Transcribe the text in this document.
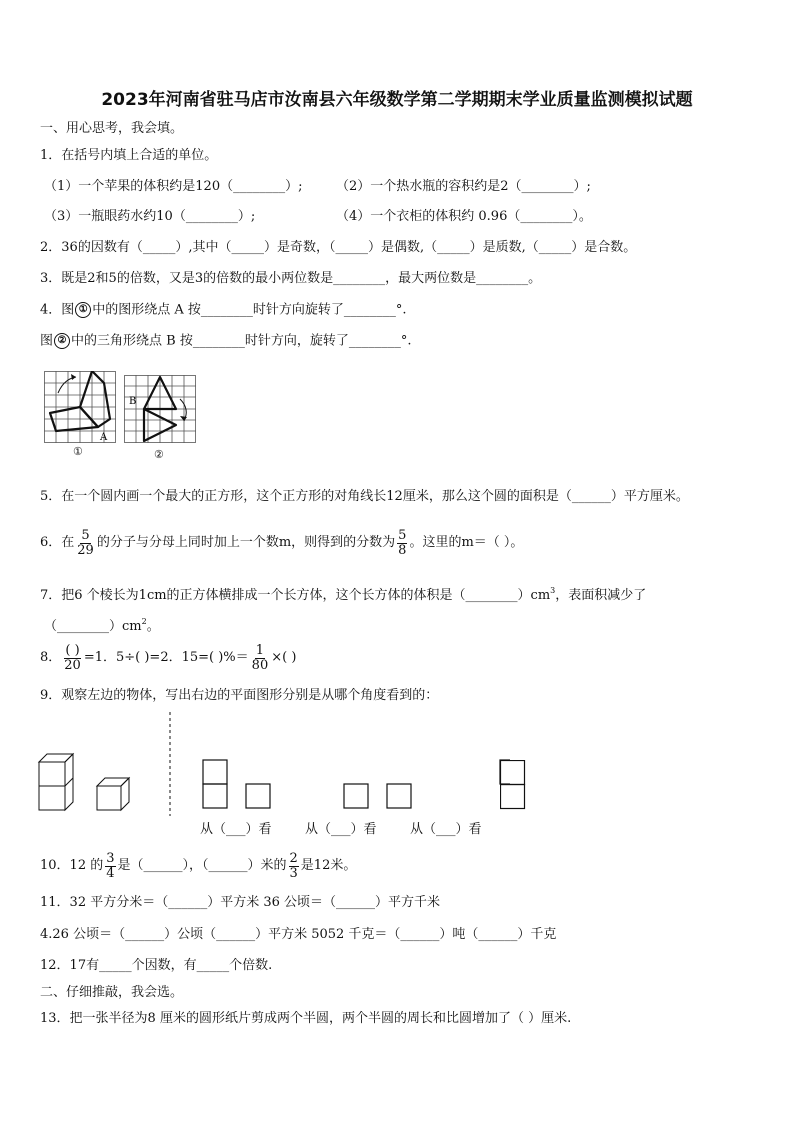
2023年河南省驻马店市汝南县六年级数学第二学期期末学业质量监测模拟试题
一、用心思考，我会填。
1．在括号内填上合适的单位。
（1）一个苹果的体积约是120（________）;	（2）一个热水瓶的容积约是2（________）;
（3）一瓶眼药水约10（________）;	（4）一个衣柜的体积约 0.96（________）。
2．36的因数有（_____）,其中（_____）是奇数，（_____）是偶数,（_____）是质数,（_____）是合数。
3．既是2和5的倍数，又是3的倍数的最小两位数是________，最大两位数是________。
4．图 ① 中的图形绕点 A 按________时针方向旋转了________°.
图 ② 中的三角形绕点 B 按________时针方向，旋转了________°.
A
①
B
②
5．在一个圆内画一个最大的正方形，这个正方形的对角线长12厘米，那么这个圆的面积是（______）平方厘米。
6．在 $\frac{5}{29}$ 的分子与分母上同时加上一个数m，则得到的分数为 $\frac{5}{8}$ 。这里的m＝（ ）。
7．把6 个棱长为1cm的正方体横排成一个长方体，这个长方体的体积是$(\_\_\_\_\_\_\_\_)cm^3$，表面积减少了
$(\_\_\_\_\_\_\_\_)cm^2$。
8． $\frac{( )}{20} =1$．5÷( )=2．15=( )%＝ $\frac{1}{80}$ ×( )
9．观察左边的物体，写出右边的平面图形分别是从哪个角度看到的：
从（___）看	从（___）看	从（___）看
10．12 的 $\frac{3}{4}$ 是（______），（______）米的 $\frac{2}{3}$ 是12米。
11．32 平方分米＝（______）平方米 36 公顷＝（______）平方千米
4.26 公顷＝（______）公顷（______）平方米 5052 千克＝（______）吨（______）千克
12．17有_____个因数，有_____个倍数.
二、仔细推敲，我会选。
13．把一张半径为8 厘米的圆形纸片剪成两个半圆，两个半圆的周长和比圆增加了（ ）厘米.
